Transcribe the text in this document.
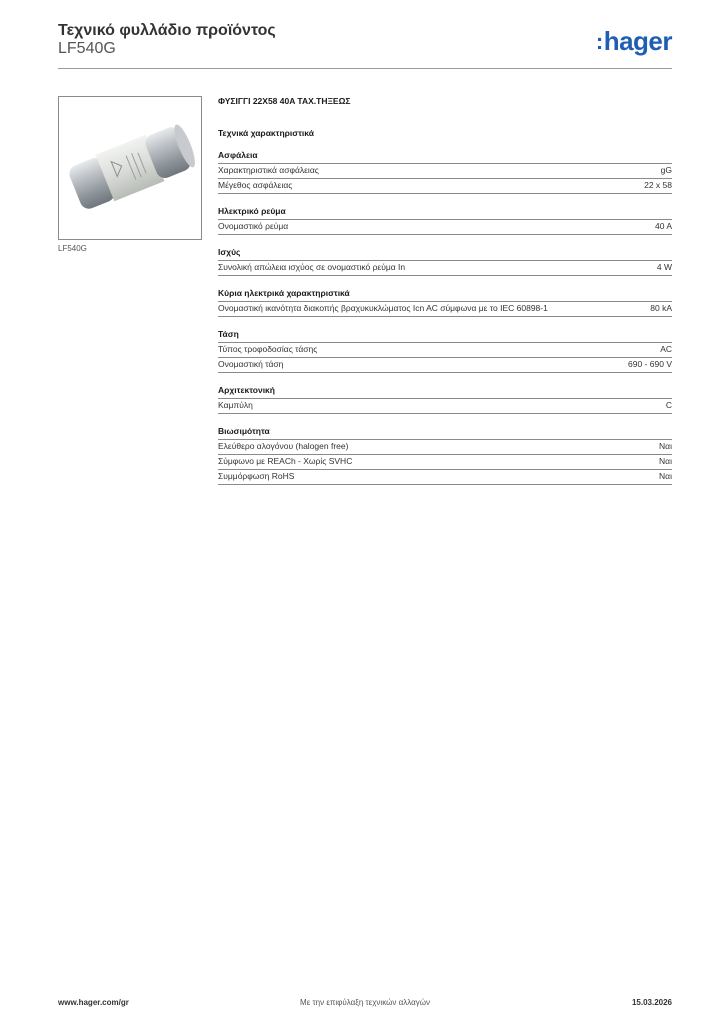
Τεχνικό φυλλάδιο προϊόντος
LF540G	:hager
LF540G
ΦΥΣΙΓΓΙ 22X58 40A ΤΑΧ.ΤΗΞΕΩΣ
Τεχνικά χαρακτηριστικά
Ασφάλεια
Χαρακτηριστικά ασφάλειας	gG
Μέγεθος ασφάλειας	22 x 58
Ηλεκτρικό ρεύμα
Ονομαστικό ρεύμα	40 A
Ισχύς
Συνολική απώλεια ισχύος σε ονομαστικό ρεύμα In	4 W
Κύρια ηλεκτρικά χαρακτηριστικά
Ονομαστική ικανότητα διακοπής βραχυκυκλώματος Icn AC σύμφωνα με το IEC 60898-1	80 kA
Τάση
Τύπος τροφοδοσίας τάσης	AC
Ονομαστική τάση	690 - 690 V
Αρχιτεκτονική
Καμπύλη	C
Βιωσιμότητα
Ελεύθερο αλογόνου (halogen free)	Ναι
Σύμφωνο με REACh - Χωρίς SVHC	Ναι
Συμμόρφωση RoHS	Ναι
Με την επιφύλαξη τεχνικών αλλαγών
www.hager.com/gr	15.03.2026
